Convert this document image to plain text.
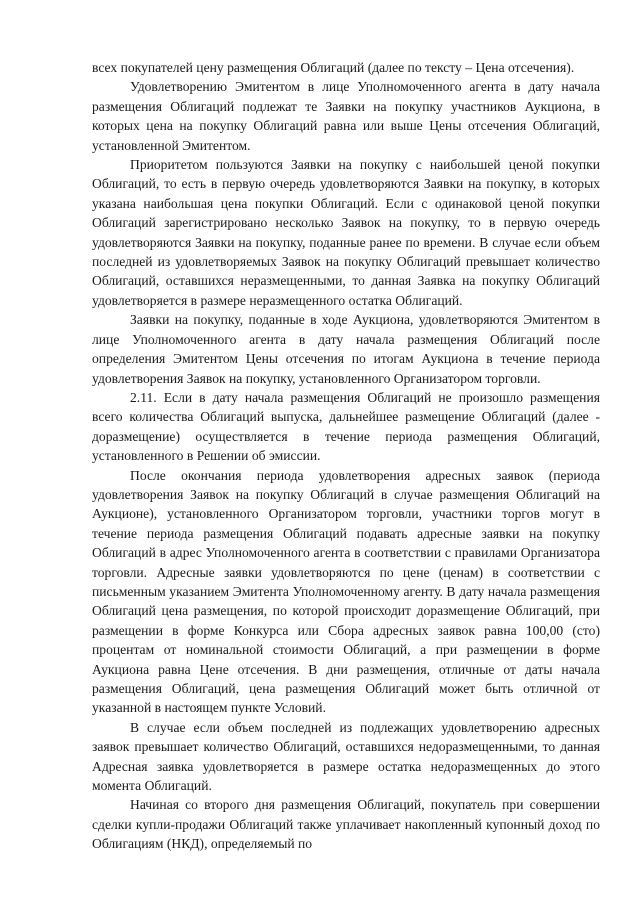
всех покупателей цену размещения Облигаций (далее по тексту – Цена отсечения).

Удовлетворению Эмитентом в лице Уполномоченного агента в дату начала размещения Облигаций подлежат те Заявки на покупку участников Аукциона, в которых цена на покупку Облигаций равна или выше Цены отсечения Облигаций, установленной Эмитентом.

Приоритетом пользуются Заявки на покупку с наибольшей ценой покупки Облигаций, то есть в первую очередь удовлетворяются Заявки на покупку, в которых указана наибольшая цена покупки Облигаций. Если с одинаковой ценой покупки Облигаций зарегистрировано несколько Заявок на покупку, то в первую очередь удовлетворяются Заявки на покупку, поданные ранее по времени. В случае если объем последней из удовлетворяемых Заявок на покупку Облигаций превышает количество Облигаций, оставшихся неразмещенными, то данная Заявка на покупку Облигаций удовлетворяется в размере неразмещенного остатка Облигаций.

Заявки на покупку, поданные в ходе Аукциона, удовлетворяются Эмитентом в лице Уполномоченного агента в дату начала размещения Облигаций после определения Эмитентом Цены отсечения по итогам Аукциона в течение периода удовлетворения Заявок на покупку, установленного Организатором торговли.

2.11. Если в дату начала размещения Облигаций не произошло размещения всего количества Облигаций выпуска, дальнейшее размещение Облигаций (далее - доразмещение) осуществляется в течение периода размещения Облигаций, установленного в Решении об эмиссии.

После окончания периода удовлетворения адресных заявок (периода удовлетворения Заявок на покупку Облигаций в случае размещения Облигаций на Аукционе), установленного Организатором торговли, участники торгов могут в течение периода размещения Облигаций подавать адресные заявки на покупку Облигаций в адрес Уполномоченного агента в соответствии с правилами Организатора торговли. Адресные заявки удовлетворяются по цене (ценам) в соответствии с письменным указанием Эмитента Уполномоченному агенту. В дату начала размещения Облигаций цена размещения, по которой происходит доразмещение Облигаций, при размещении в форме Конкурса или Сбора адресных заявок равна 100,00 (сто) процентам от номинальной стоимости Облигаций, а при размещении в форме Аукциона равна Цене отсечения. В дни размещения, отличные от даты начала размещения Облигаций, цена размещения Облигаций может быть отличной от указанной в настоящем пункте Условий.

В случае если объем последней из подлежащих удовлетворению адресных заявок превышает количество Облигаций, оставшихся недоразмещенными, то данная Адресная заявка удовлетворяется в размере остатка недоразмещенных до этого момента Облигаций.

Начиная со второго дня размещения Облигаций, покупатель при совершении сделки купли-продажи Облигаций также уплачивает накопленный купонный доход по Облигациям (НКД), определяемый по
